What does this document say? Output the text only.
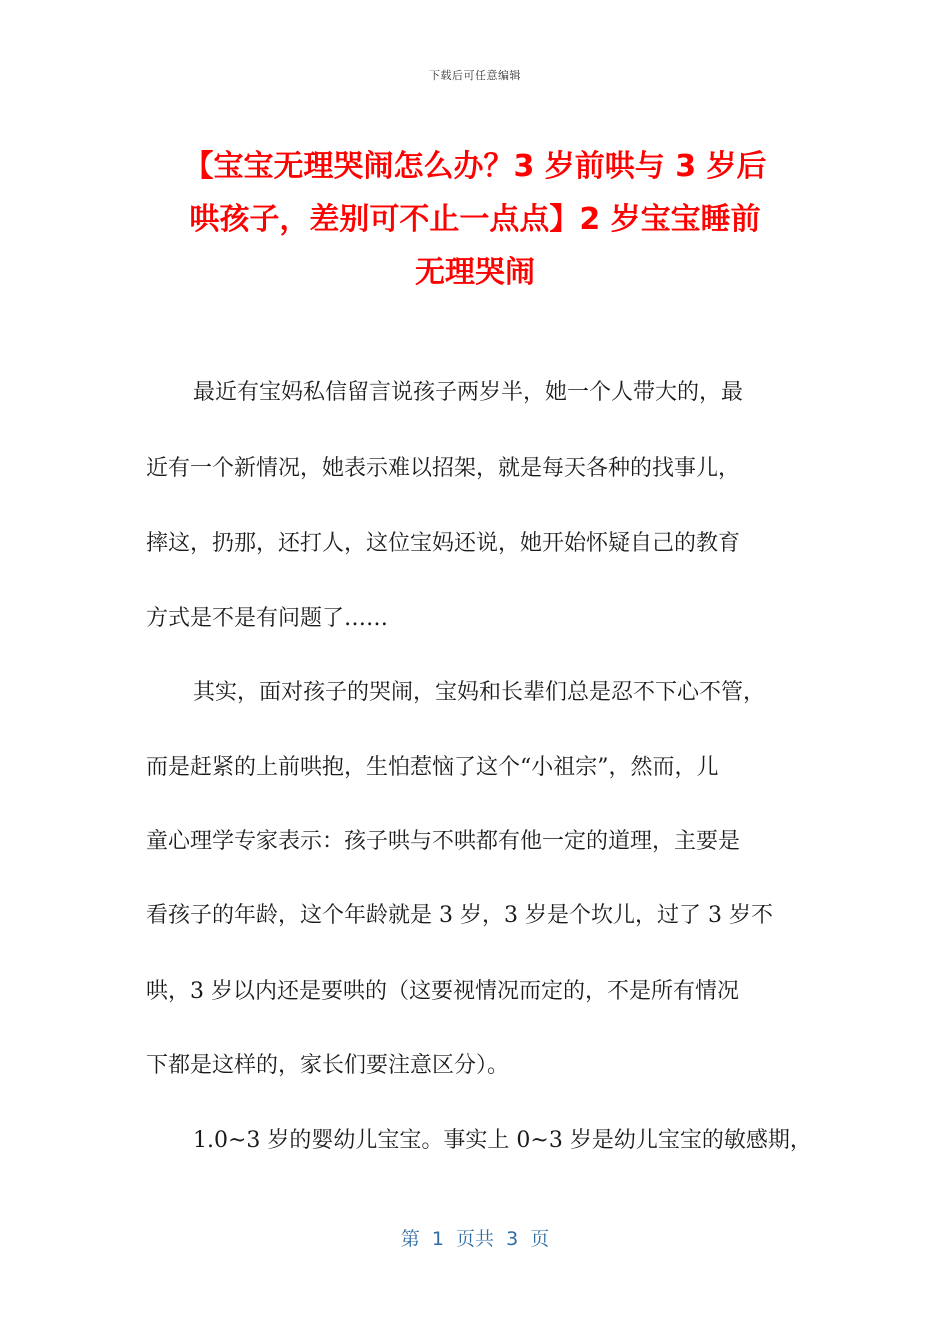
下载后可任意编辑
【宝宝无理哭闹怎么办？3 岁前哄与 3 岁后
哄孩子，差别可不止一点点】2 岁宝宝睡前
无理哭闹
最近有宝妈私信留言说孩子两岁半，她一个人带大的，最
近有一个新情况，她表示难以招架，就是每天各种的找事儿，
摔这，扔那，还打人，这位宝妈还说，她开始怀疑自己的教育
方式是不是有问题了……
其实，面对孩子的哭闹，宝妈和长辈们总是忍不下心不管，
而是赶紧的上前哄抱，生怕惹恼了这个“小祖宗”，然而，儿
童心理学专家表示：孩子哄与不哄都有他一定的道理，主要是
看孩子的年龄，这个年龄就是 3 岁，3 岁是个坎儿，过了 3 岁不
哄，3 岁以内还是要哄的（这要视情况而定的，不是所有情况
下都是这样的，家长们要注意区分）。
1.0~3 岁的婴幼儿宝宝。事实上 0~3 岁是幼儿宝宝的敏感期，
第  1  页共  3  页
